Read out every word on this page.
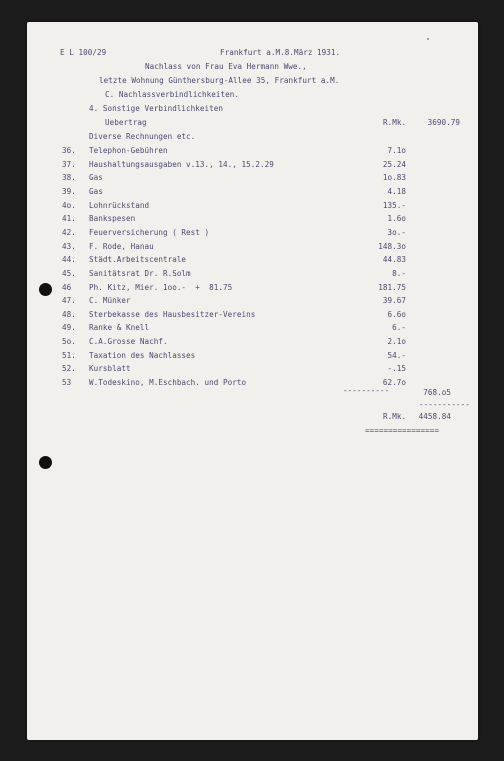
E L 100/29	Frankfurt a.M.8.März 1931.
Nachlass von Frau Eva Hermann Wwe.,
letzte Wohnung Günthersburg-Allee 35, Frankfurt a.M.
C. Nachlassverbindlichkeiten.
4. Sonstige Verbindlichkeiten
Uebertrag	R.Mk.	3690.79
Diverse Rechnungen etc.
36. Telephon-Gebühren	7.1o
37. Haushaltungsausgaben v.13., 14., 15.2.29	25.24
38. Gas	1o.83
39. Gas	4.18
4o. Lohnrückstand	135.-
41. Bankspesen	1.6o
42. Feuerversicherung ( Rest )	3o.-
43. F. Rode, Hanau	148.3o
44. Städt.Arbeitscentrale	44.83
45. Sanitätsrat Dr. R.Solm	8.-
46 Ph. Kitz, Mier. 1oo.-  +  81.75	181.75
47. C. Münker	39.67
48. Sterbekasse des Hausbesitzer-Vereins	6.6o
49. Ranke & Knell	6.-
5o. C.A.Grosse Nachf.	2.1o
51. Taxation des Nachlasses	54.-
52. Kursblatt	-.15
53 W.Todeskino, M.Eschbach. und Porto	62.7o
----------	768.o5
-----------
R.Mk. 4458.84
================
